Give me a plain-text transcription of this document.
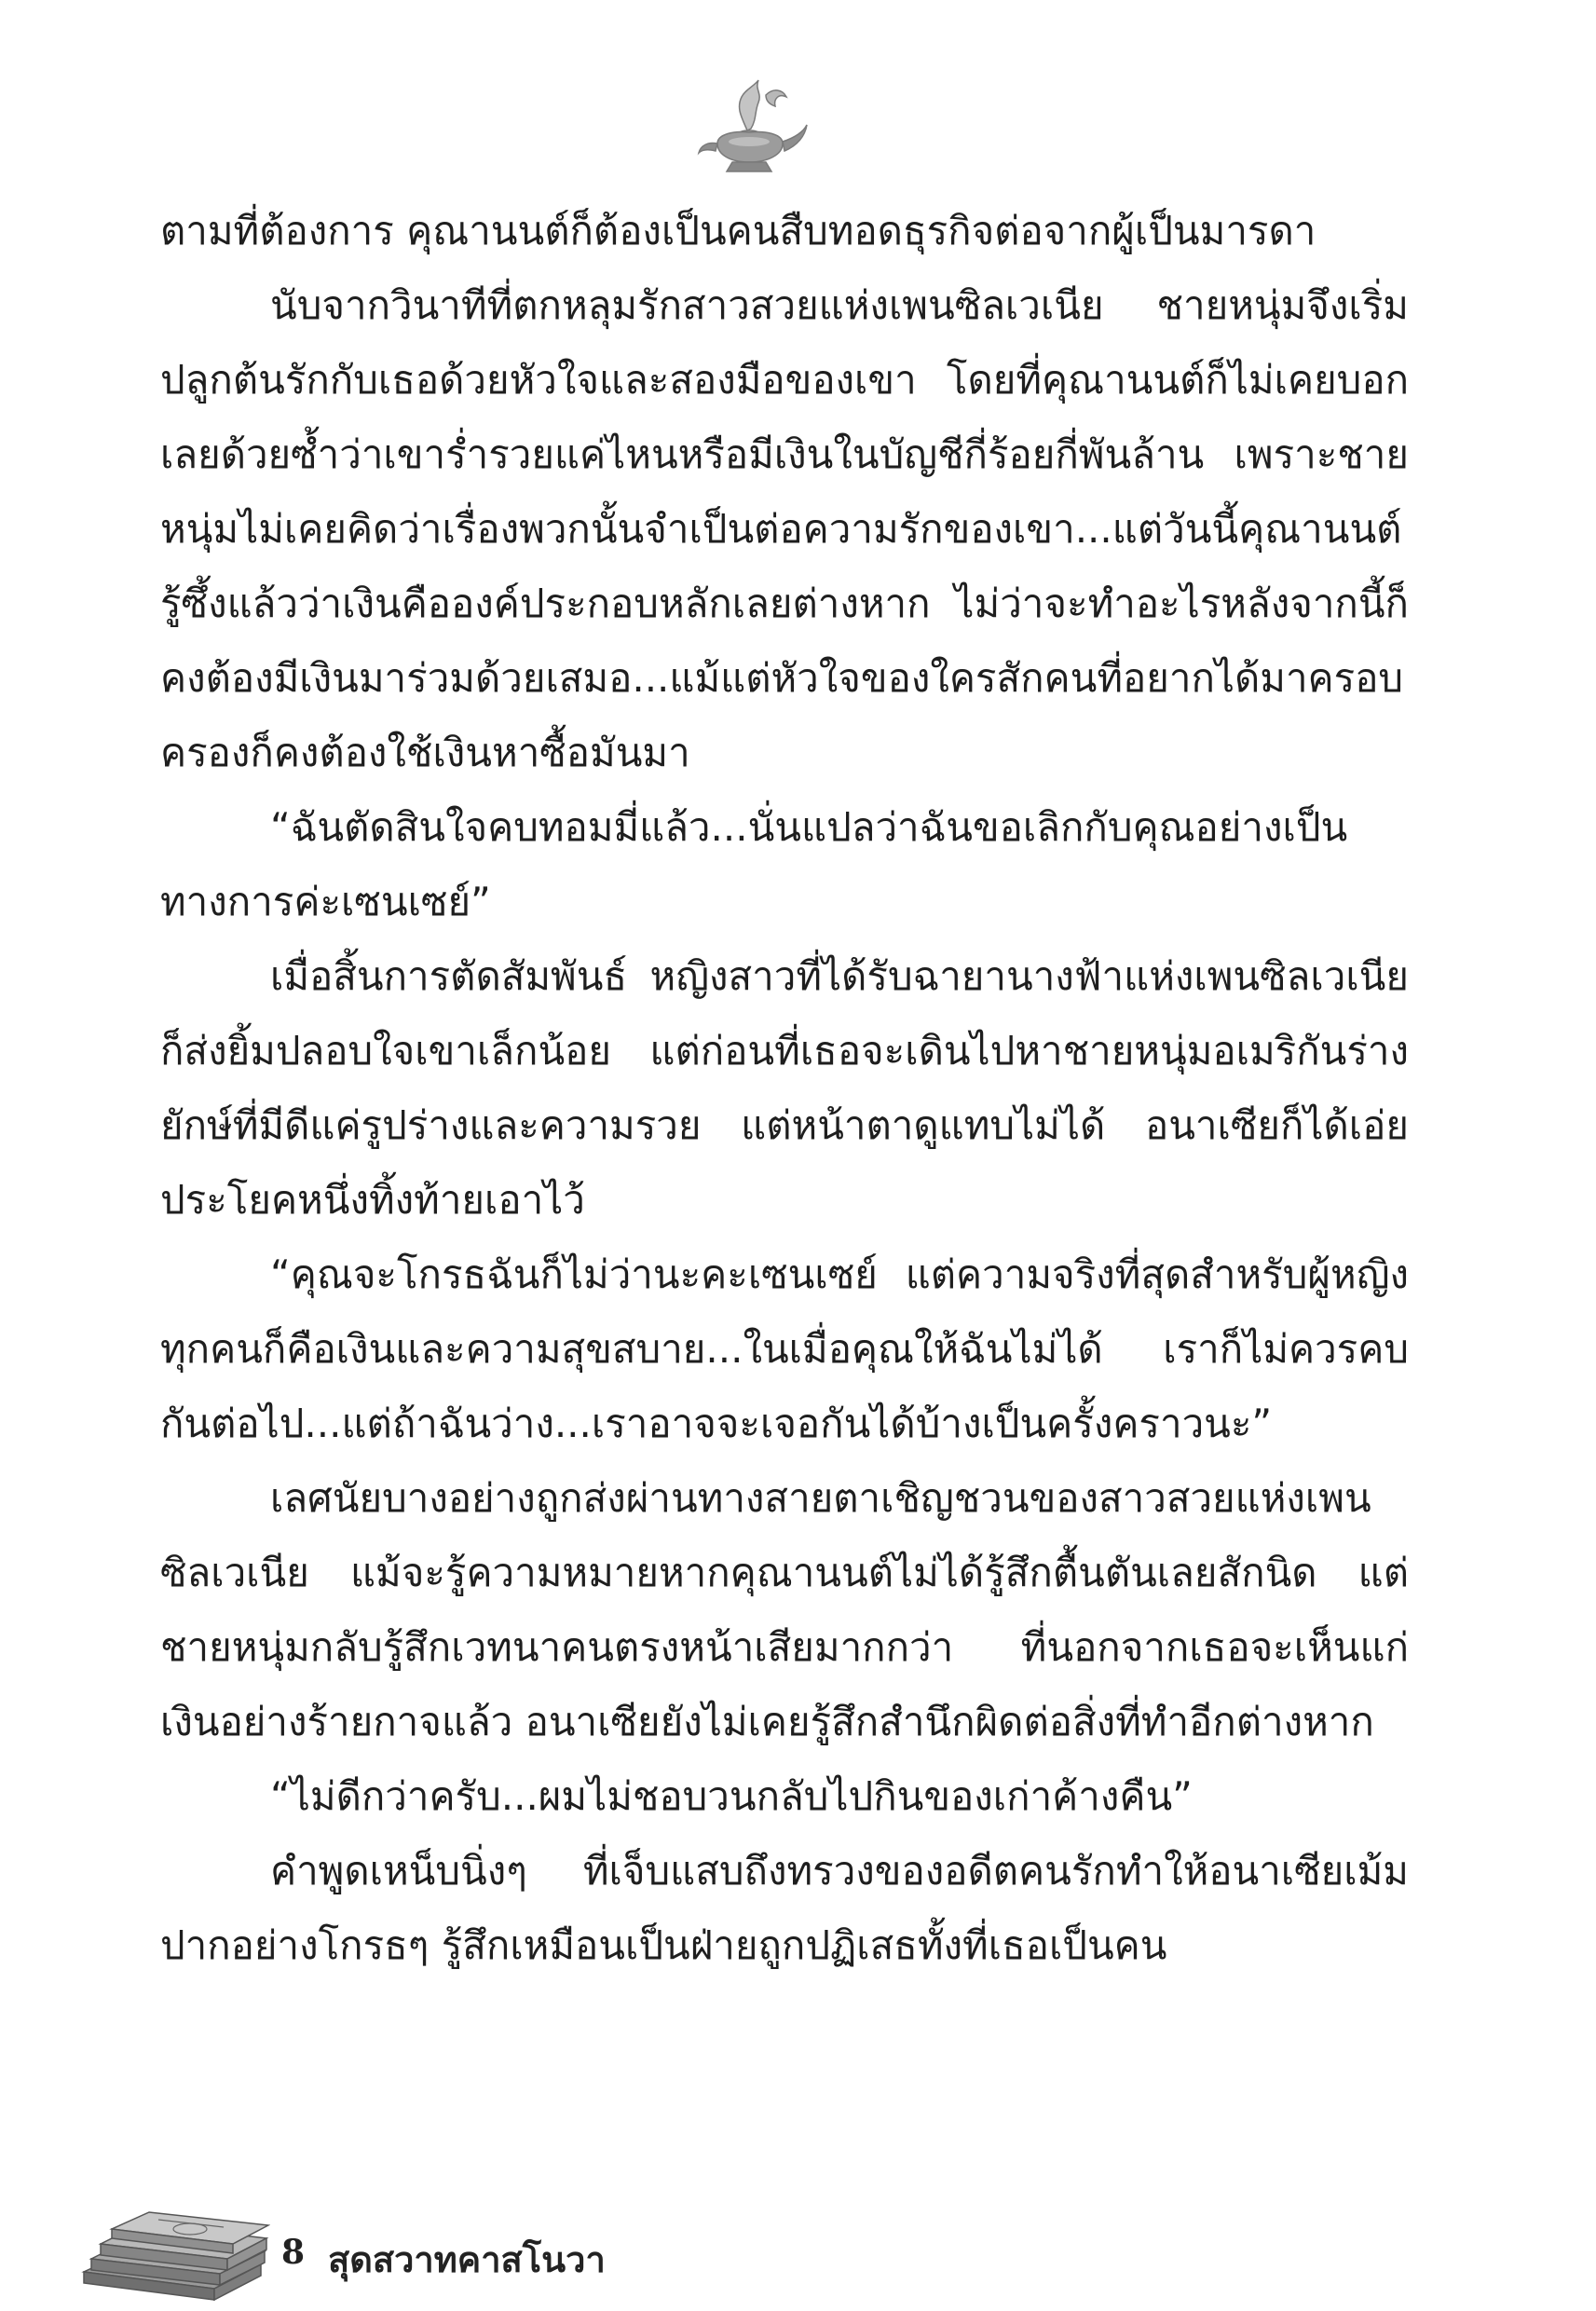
ตามที่ต้องการ คุณานนต์ก็ต้องเป็นคนสืบทอดธุรกิจต่อจากผู้เป็นมารดา

นับจากวินาทีที่ตกหลุมรักสาวสวยแห่งเพนซิลเวเนีย ชายหนุ่มจึงเริ่มปลูกต้นรักกับเธอด้วยหัวใจและสองมือของเขา โดยที่คุณานนต์ก็ไม่เคยบอกเลยด้วยซ้ำว่าเขาร่ำรวยแค่ไหนหรือมีเงินในบัญชีกี่ร้อยกี่พันล้าน เพราะชายหนุ่มไม่เคยคิดว่าเรื่องพวกนั้นจำเป็นต่อความรักของเขา...แต่วันนี้คุณานนต์รู้ซึ้งแล้วว่าเงินคือองค์ประกอบหลักเลยต่างหาก ไม่ว่าจะทำอะไรหลังจากนี้ก็คงต้องมีเงินมาร่วมด้วยเสมอ...แม้แต่หัวใจของใครสักคนที่อยากได้มาครอบครองก็คงต้องใช้เงินหาซื้อมันมา

“ฉันตัดสินใจคบทอมมี่แล้ว...นั่นแปลว่าฉันขอเลิกกับคุณอย่างเป็นทางการค่ะเซนเซย์”

เมื่อสิ้นการตัดสัมพันธ์ หญิงสาวที่ได้รับฉายานางฟ้าแห่งเพนซิลเวเนียก็ส่งยิ้มปลอบใจเขาเล็กน้อย แต่ก่อนที่เธอจะเดินไปหาชายหนุ่มอเมริกันร่างยักษ์ที่มีดีแค่รูปร่างและความรวย แต่หน้าตาดูแทบไม่ได้ อนาเซียก็ได้เอ่ยประโยคหนึ่งทิ้งท้ายเอาไว้

“คุณจะโกรธฉันก็ไม่ว่านะคะเซนเซย์ แต่ความจริงที่สุดสำหรับผู้หญิงทุกคนก็คือเงินและความสุขสบาย...ในเมื่อคุณให้ฉันไม่ได้ เราก็ไม่ควรคบกันต่อไป...แต่ถ้าฉันว่าง...เราอาจจะเจอกันได้บ้างเป็นครั้งคราวนะ”

เลศนัยบางอย่างถูกส่งผ่านทางสายตาเชิญชวนของสาวสวยแห่งเพนซิลเวเนีย แม้จะรู้ความหมายหากคุณานนต์ไม่ได้รู้สึกตื้นตันเลยสักนิด แต่ชายหนุ่มกลับรู้สึกเวทนาคนตรงหน้าเสียมากกว่า ที่นอกจากเธอจะเห็นแก่เงินอย่างร้ายกาจแล้ว อนาเซียยังไม่เคยรู้สึกสำนึกผิดต่อสิ่งที่ทำอีกต่างหาก

“ไม่ดีกว่าครับ...ผมไม่ชอบวนกลับไปกินของเก่าค้างคืน”

คำพูดเหน็บนิ่งๆ ที่เจ็บแสบถึงทรวงของอดีตคนรักทำให้อนาเซียเม้มปากอย่างโกรธๆ รู้สึกเหมือนเป็นฝ่ายถูกปฏิเสธทั้งที่เธอเป็นคน

8 สุดสวาทคาสโนวา
